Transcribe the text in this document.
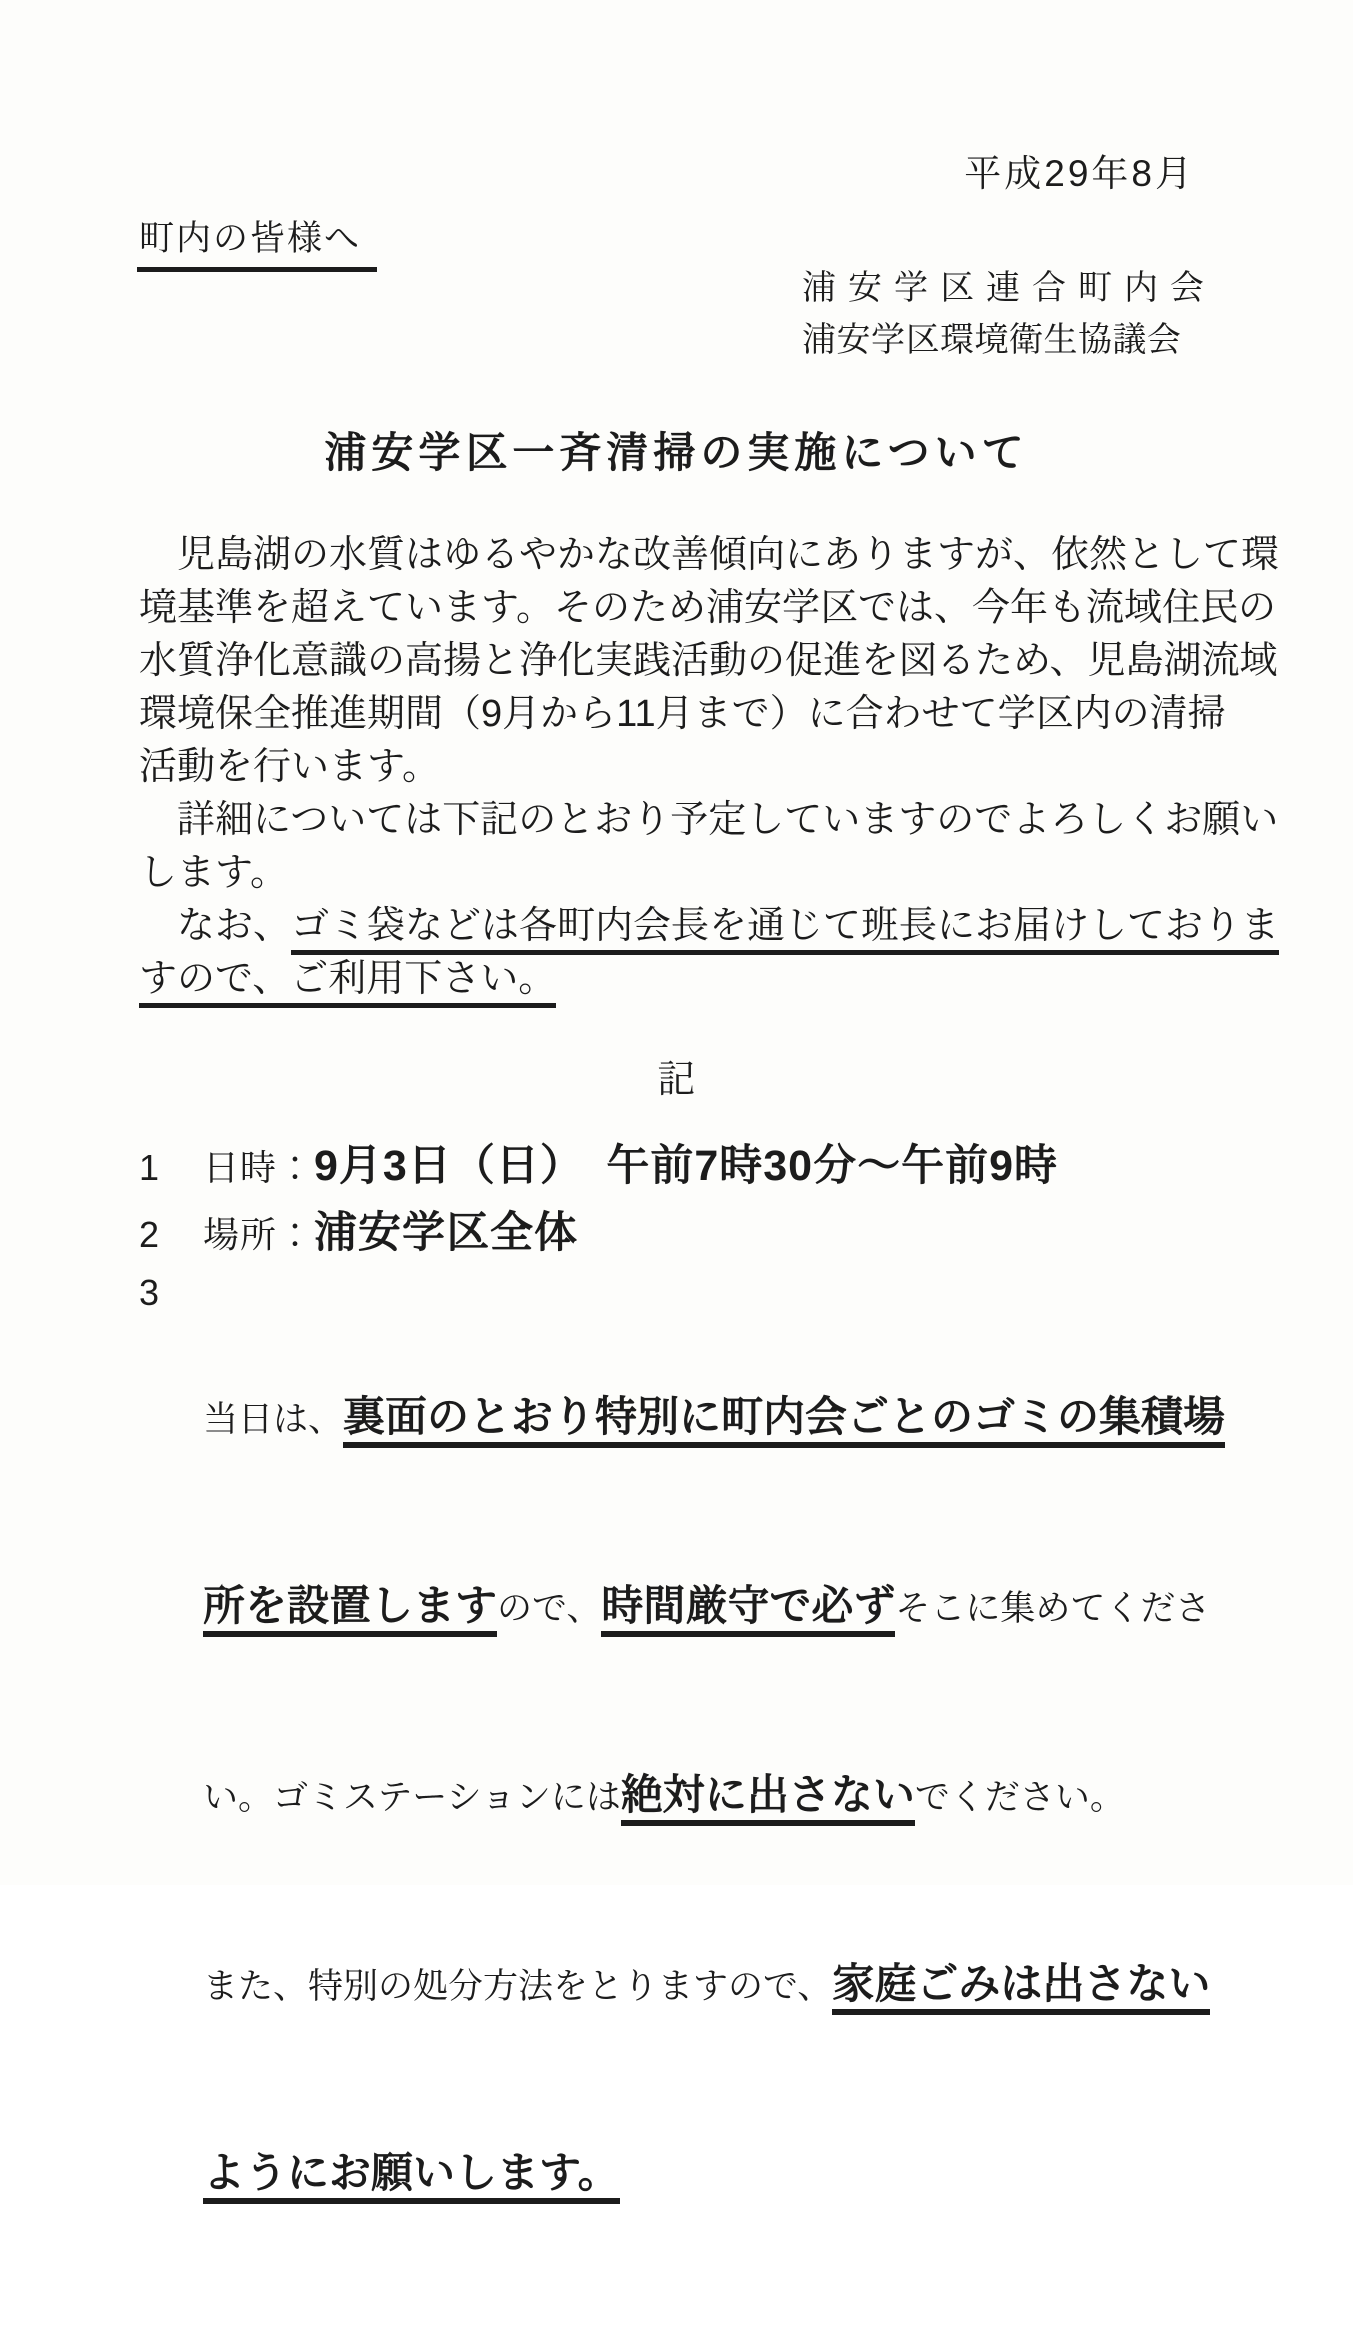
平成29年8月
町内の皆様へ
浦安学区連合町内会
浦安学区環境衛生協議会
浦安学区一斉清掃の実施について
　児島湖の水質はゆるやかな改善傾向にありますが、依然として環
境基準を超えています。そのため浦安学区では、今年も流域住民の
水質浄化意識の高揚と浄化実践活動の促進を図るため、児島湖流域
環境保全推進期間（9月から11月まで）に合わせて学区内の清掃
活動を行います。
　詳細については下記のとおり予定していますのでよろしくお願い
します。
　なお、ゴミ袋などは各町内会長を通じて班長にお届けしておりま
すので、ご利用下さい。
記
1	日時： 9月3日（日）　午前7時30分～午前9時
2	場所： 浦安学区全体
3

当日は、裏面のとおり特別に町内会ごとのゴミの集積場

所を設置しますので、時間厳守で必ずそこに集めてくださ

い。ゴミステーションには絶対に出さないでください。

また、特別の処分方法をとりますので、家庭ごみは出さない

ようにお願いします。
